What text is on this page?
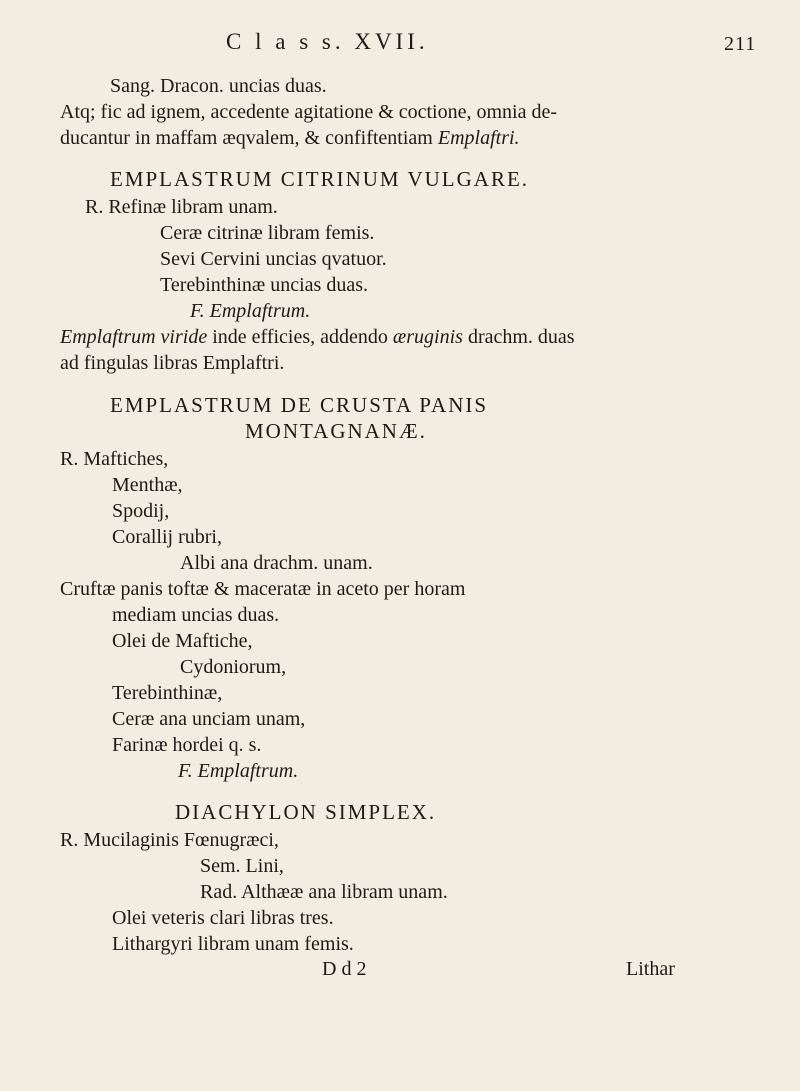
C l a s s. XVII.	211
Sang. Dracon. uncias duas.
Atq; fic ad ignem, accedente agitatione & coctione, omnia de-
ducantur in maffam æqvalem, & confiftentiam Emplaftri.
EMPLASTRUM CITRINUM VULGARE.
R. Refinæ libram unam.
Ceræ citrinæ libram femis.
Sevi Cervini uncias qvatuor.
Terebinthinæ uncias duas.
F. Emplaftrum.
Emplaftrum viride inde efficies, addendo æruginis drachm. duas
ad fingulas libras Emplaftri.
EMPLASTRUM DE CRUSTA PANIS
MONTAGNANÆ.
R. Maftiches,
Menthæ,
Spodij,
Corallij rubri,
Albi ana drachm. unam.
Cruftæ panis toftæ & maceratæ in aceto per horam
mediam uncias duas.
Olei de Maftiche,
Cydoniorum,
Terebinthinæ,
Ceræ ana unciam unam,
Farinæ hordei q. s.
F. Emplaftrum.
DIACHYLON SIMPLEX.
R. Mucilaginis Fœnugræci,
Sem. Lini,
Rad. Althææ ana libram unam.
Olei veteris clari libras tres.
Lithargyri libram unam femis.
D d 2	Lithar
